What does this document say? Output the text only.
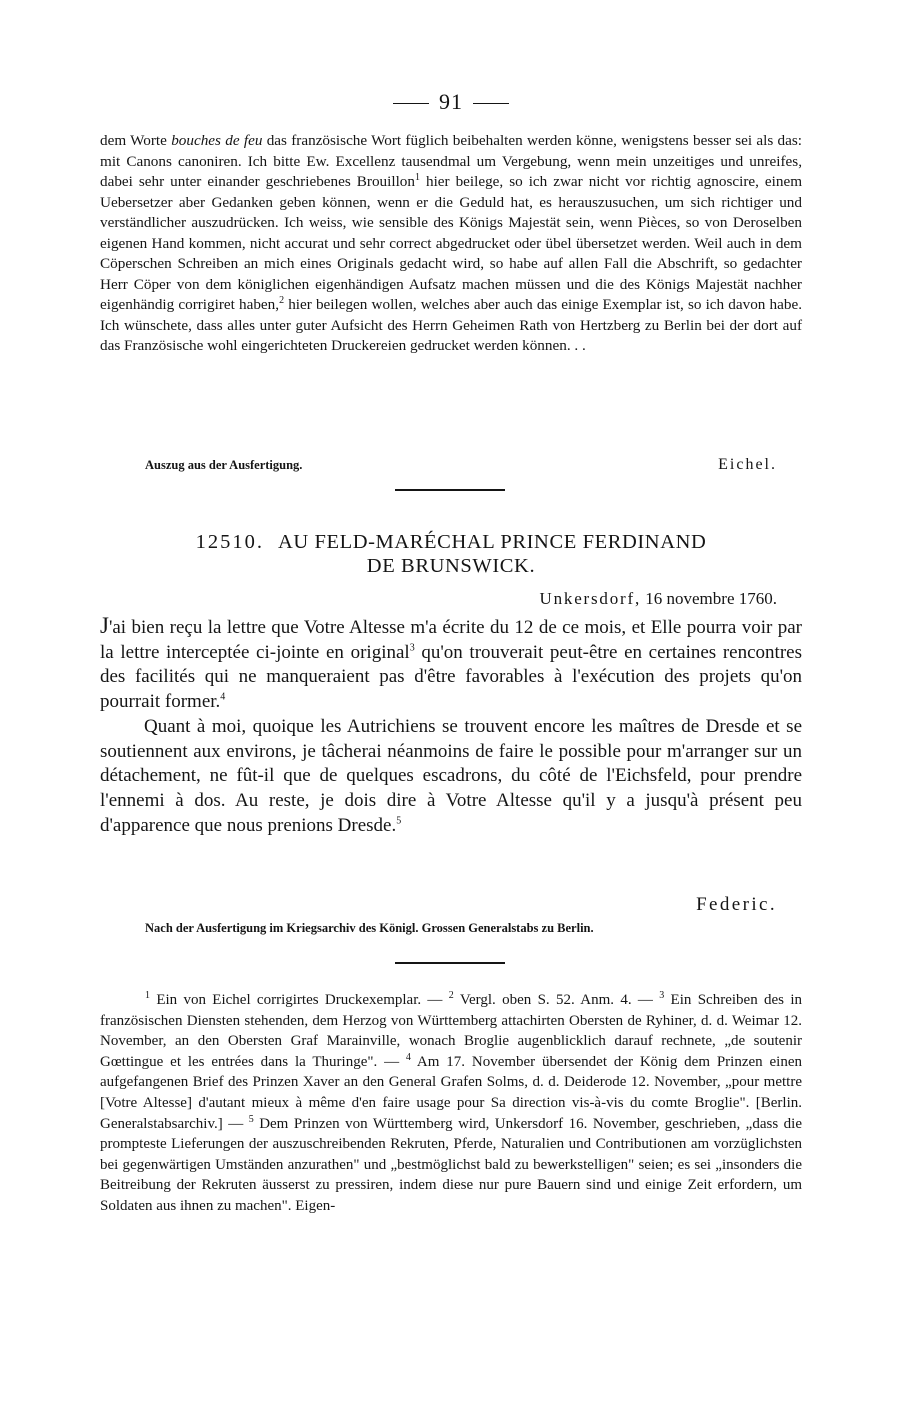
91

dem Worte bouches de feu das französische Wort füglich beibehalten werden könne, wenigstens besser sei als das: mit Canons canoniren. Ich bitte Ew. Excellenz tausendmal um Vergebung, wenn mein unzeitiges und unreifes, dabei sehr unter einander geschriebenes Brouillon$^1$ hier beilege, so ich zwar nicht vor richtig agnoscire, einem Uebersetzer aber Gedanken geben können, wenn er die Geduld hat, es herauszusuchen, um sich richtiger und verständlicher auszudrücken. Ich weiss, wie sensible des Königs Majestät sein, wenn Pièces, so von Deroselben eigenen Hand kommen, nicht accurat und sehr correct abgedrucket oder übel übersetzet werden. Weil auch in dem Cöperschen Schreiben an mich eines Originals gedacht wird, so habe auf allen Fall die Abschrift, so gedachter Herr Cöper von dem königlichen eigenhändigen Aufsatz machen müssen und die des Königs Majestät nachher eigenhändig corrigiret haben,$^2$ hier beilegen wollen, welches aber auch das einige Exemplar ist, so ich davon habe. Ich wünschete, dass alles unter guter Aufsicht des Herrn Geheimen Rath von Hertzberg zu Berlin bei der dort auf das Französische wohl eingerichteten Druckereien gedrucket werden können. . .

Auszug aus der Ausfertigung.	Eichel.
12510. AU FELD-MARÉCHAL PRINCE FERDINAND
DE BRUNSWICK.
Unkersdorf, 16 novembre 1760.

J'ai bien reçu la lettre que Votre Altesse m'a écrite du 12 de ce mois, et Elle pourra voir par la lettre interceptée ci-jointe en original$^3$ qu'on trouverait peut-être en certaines rencontres des facilités qui ne manqueraient pas d'être favorables à l'exécution des projets qu'on pourrait former.$^4$

Quant à moi, quoique les Autrichiens se trouvent encore les maîtres de Dresde et se soutiennent aux environs, je tâcherai néanmoins de faire le possible pour m'arranger sur un détachement, ne fût-il que de quelques escadrons, du côté de l'Eichsfeld, pour prendre l'ennemi à dos. Au reste, je dois dire à Votre Altesse qu'il y a jusqu'à présent peu d'apparence que nous prenions Dresde.$^5$

Federic.
Nach der Ausfertigung im Kriegsarchiv des Königl. Grossen Generalstabs zu Berlin.

$^1$ Ein von Eichel corrigirtes Druckexemplar. — $^2$ Vergl. oben S. 52. Anm. 4. — $^3$ Ein Schreiben des in französischen Diensten stehenden, dem Herzog von Württemberg attachirten Obersten de Ryhiner, d. d. Weimar 12. November, an den Obersten Graf Marainville, wonach Broglie augenblicklich darauf rechnete, „de soutenir Gœttingue et les entrées dans la Thuringe". — $^4$ Am 17. November übersendet der König dem Prinzen einen aufgefangenen Brief des Prinzen Xaver an den General Grafen Solms, d. d. Deiderode 12. November, „pour mettre [Votre Altesse] d'autant mieux à même d'en faire usage pour Sa direction vis-à-vis du comte Broglie". [Berlin. Generalstabsarchiv.] — $^5$ Dem Prinzen von Württemberg wird, Unkersdorf 16. November, geschrieben, „dass die prompteste Lieferungen der auszuschreibenden Rekruten, Pferde, Naturalien und Contributionen am vorzüglichsten bei gegenwärtigen Umständen anzurathen" und „bestmöglichst bald zu bewerkstelligen" seien; es sei „insonders die Beitreibung der Rekruten äusserst zu pressiren, indem diese nur pure Bauern sind und einige Zeit erfordern, um Soldaten aus ihnen zu machen". Eigen-
